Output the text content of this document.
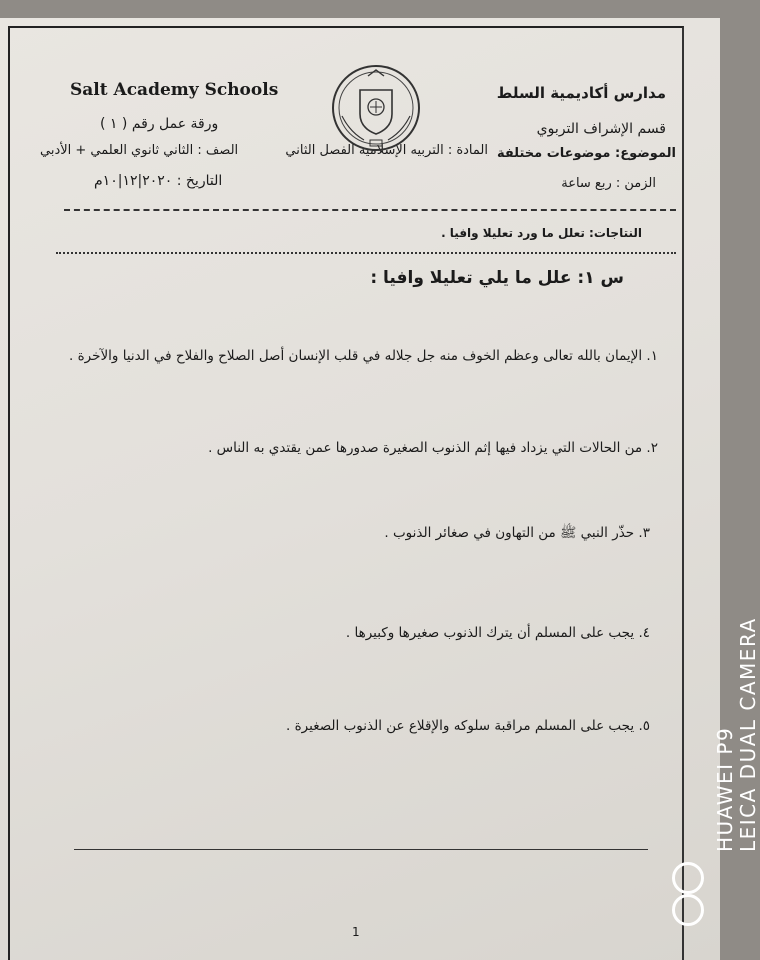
Salt Academy Schools	مدارس أكاديمية السلط
قسم الإشراف التربوي
الموضوع: موضوعات مختلفة
المادة : التربيه الإسلاميه الفصل الثاني
الزمن : ربع ساعة
ورقة عمل رقم ( ١ )
الصف : الثاني ثانوي العلمي + الأدبي
التاريخ : ٢٠٢٠|١٢|١٠م
النتاجات: تعلل ما ورد تعليلا وافيا .
س ١: علل ما يلي تعليلا وافيا :
١. الإيمان بالله تعالى وعظم الخوف منه جل جلاله في قلب الإنسان أصل الصلاح والفلاح في الدنيا والآخرة .
٢. من الحالات التي يزداد فيها إثم الذنوب الصغيرة صدورها عمن يقتدي به الناس .
٣. حذّر النبي ﷺ من التهاون في صغائر الذنوب .
٤. يجب على المسلم أن يترك الذنوب صغيرها وكبيرها .
٥. يجب على المسلم مراقبة سلوكه والإقلاع عن الذنوب الصغيرة .
1
HUAWEI P9 LEICA DUAL CAMERA
